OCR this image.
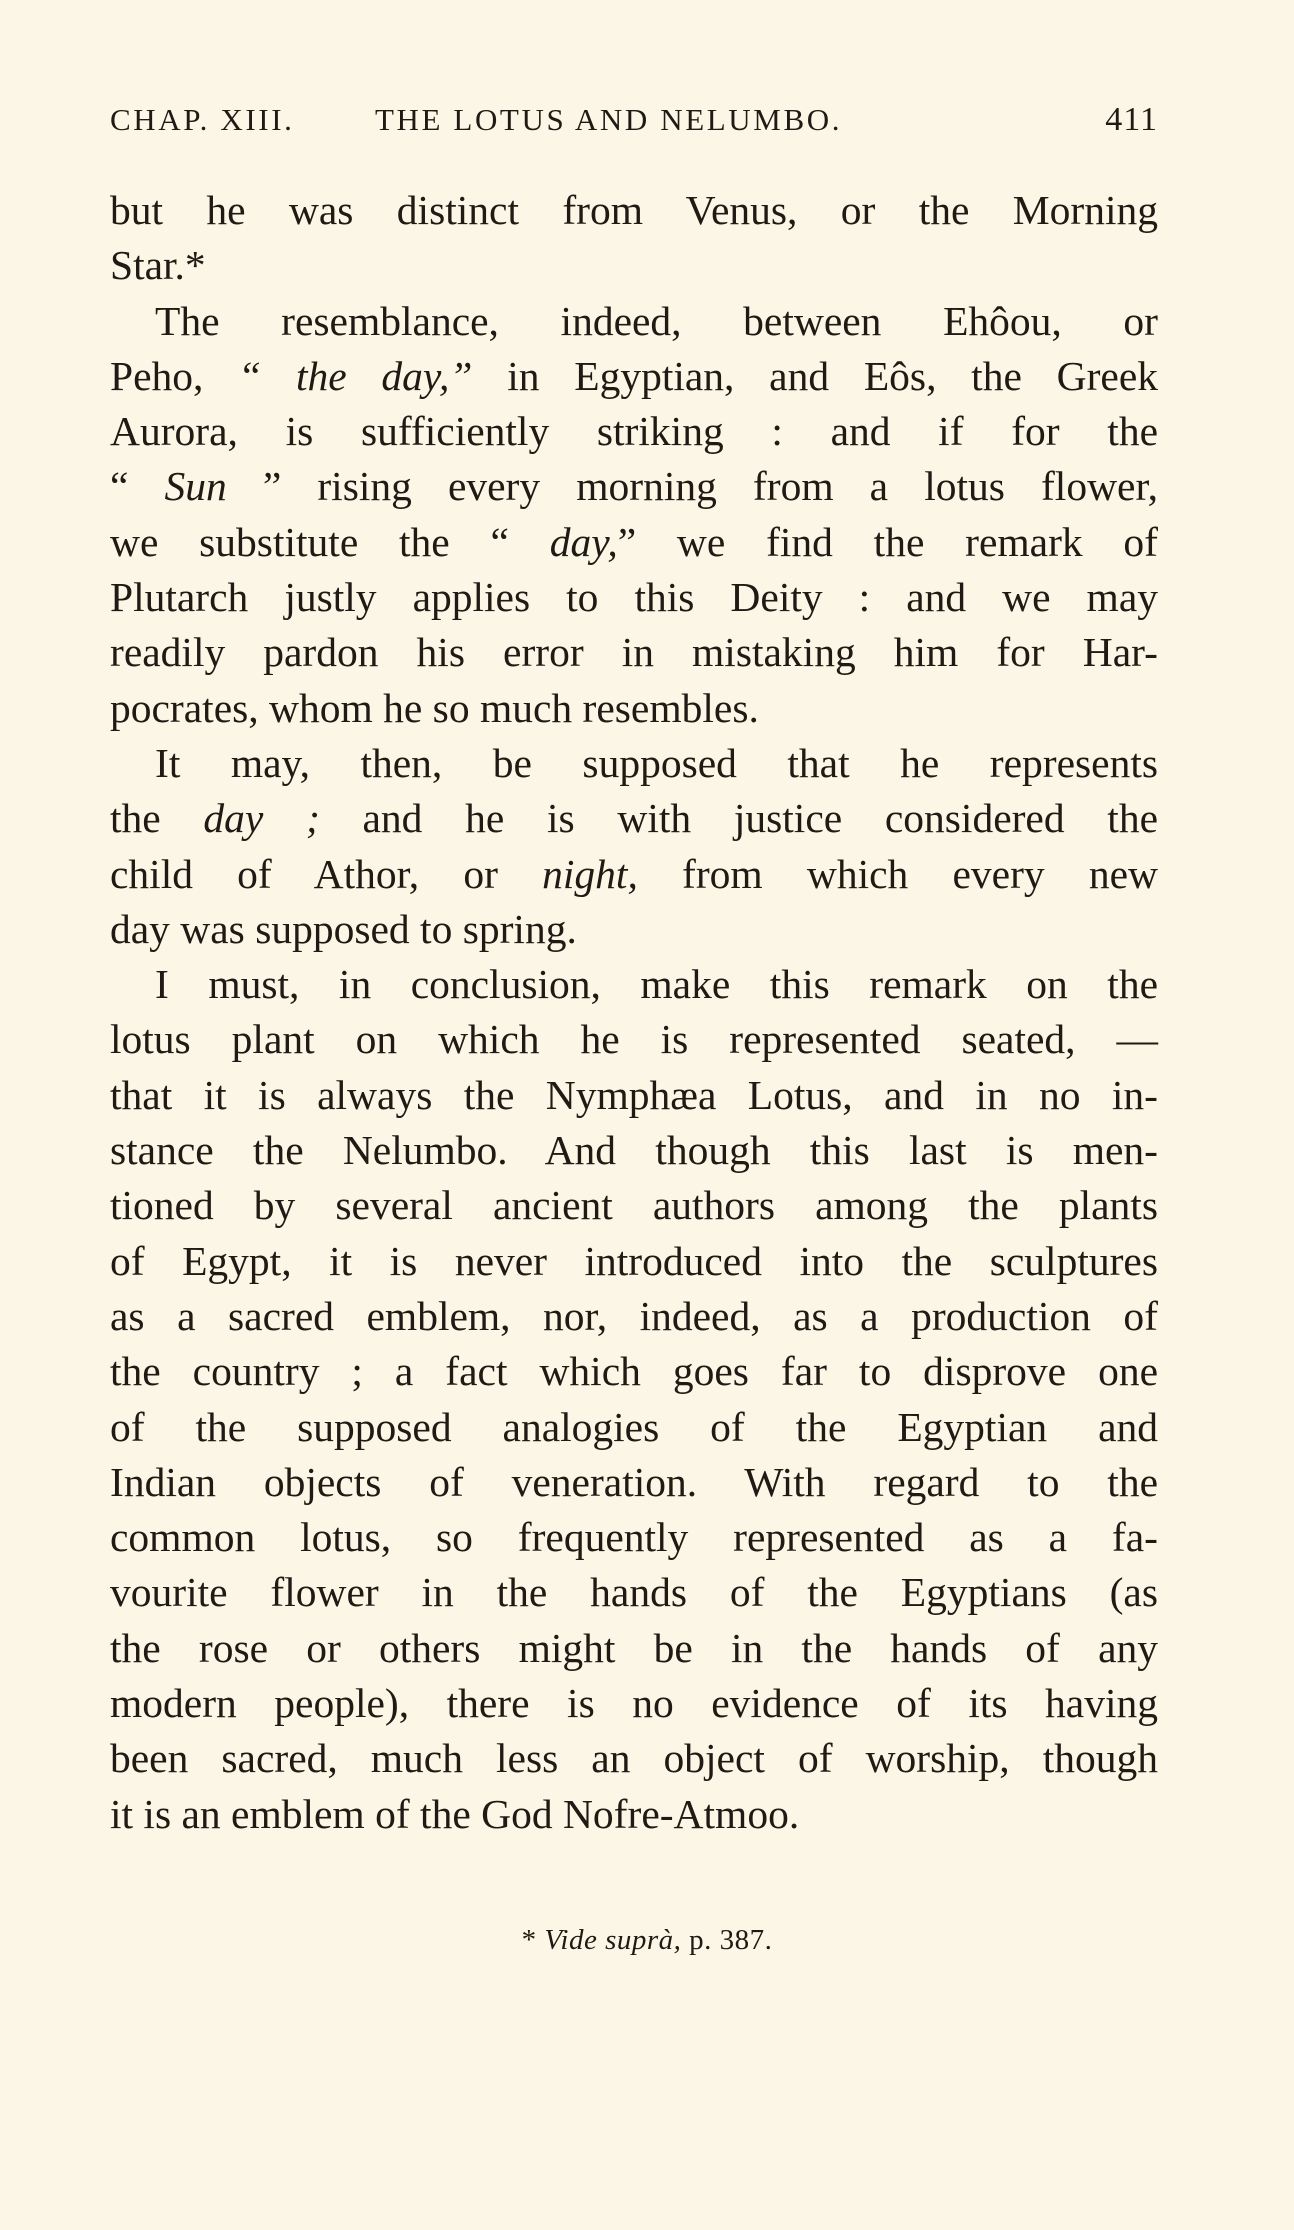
CHAP. XIII.	THE LOTUS AND NELUMBO.	411
but he was distinct from Venus, or the Morning
Star.*
The resemblance, indeed, between Ehôou, or
Peho, “ the day,” in Egyptian, and Eôs, the Greek
Aurora, is sufficiently striking : and if for the
“ Sun ” rising every morning from a lotus flower,
we substitute the “ day,” we find the remark of
Plutarch justly applies to this Deity : and we may
readily pardon his error in mistaking him for Har-
pocrates, whom he so much resembles.
It may, then, be supposed that he represents
the day ; and he is with justice considered the
child of Athor, or night, from which every new
day was supposed to spring.
I must, in conclusion, make this remark on the
lotus plant on which he is represented seated, —
that it is always the Nymphæa Lotus, and in no in-
stance the Nelumbo. And though this last is men-
tioned by several ancient authors among the plants
of Egypt, it is never introduced into the sculptures
as a sacred emblem, nor, indeed, as a production of
the country ; a fact which goes far to disprove one
of the supposed analogies of the Egyptian and
Indian objects of veneration. With regard to the
common lotus, so frequently represented as a fa-
vourite flower in the hands of the Egyptians (as
the rose or others might be in the hands of any
modern people), there is no evidence of its having
been sacred, much less an object of worship, though
it is an emblem of the God Nofre-Atmoo.
* Vide suprà, p. 387.
